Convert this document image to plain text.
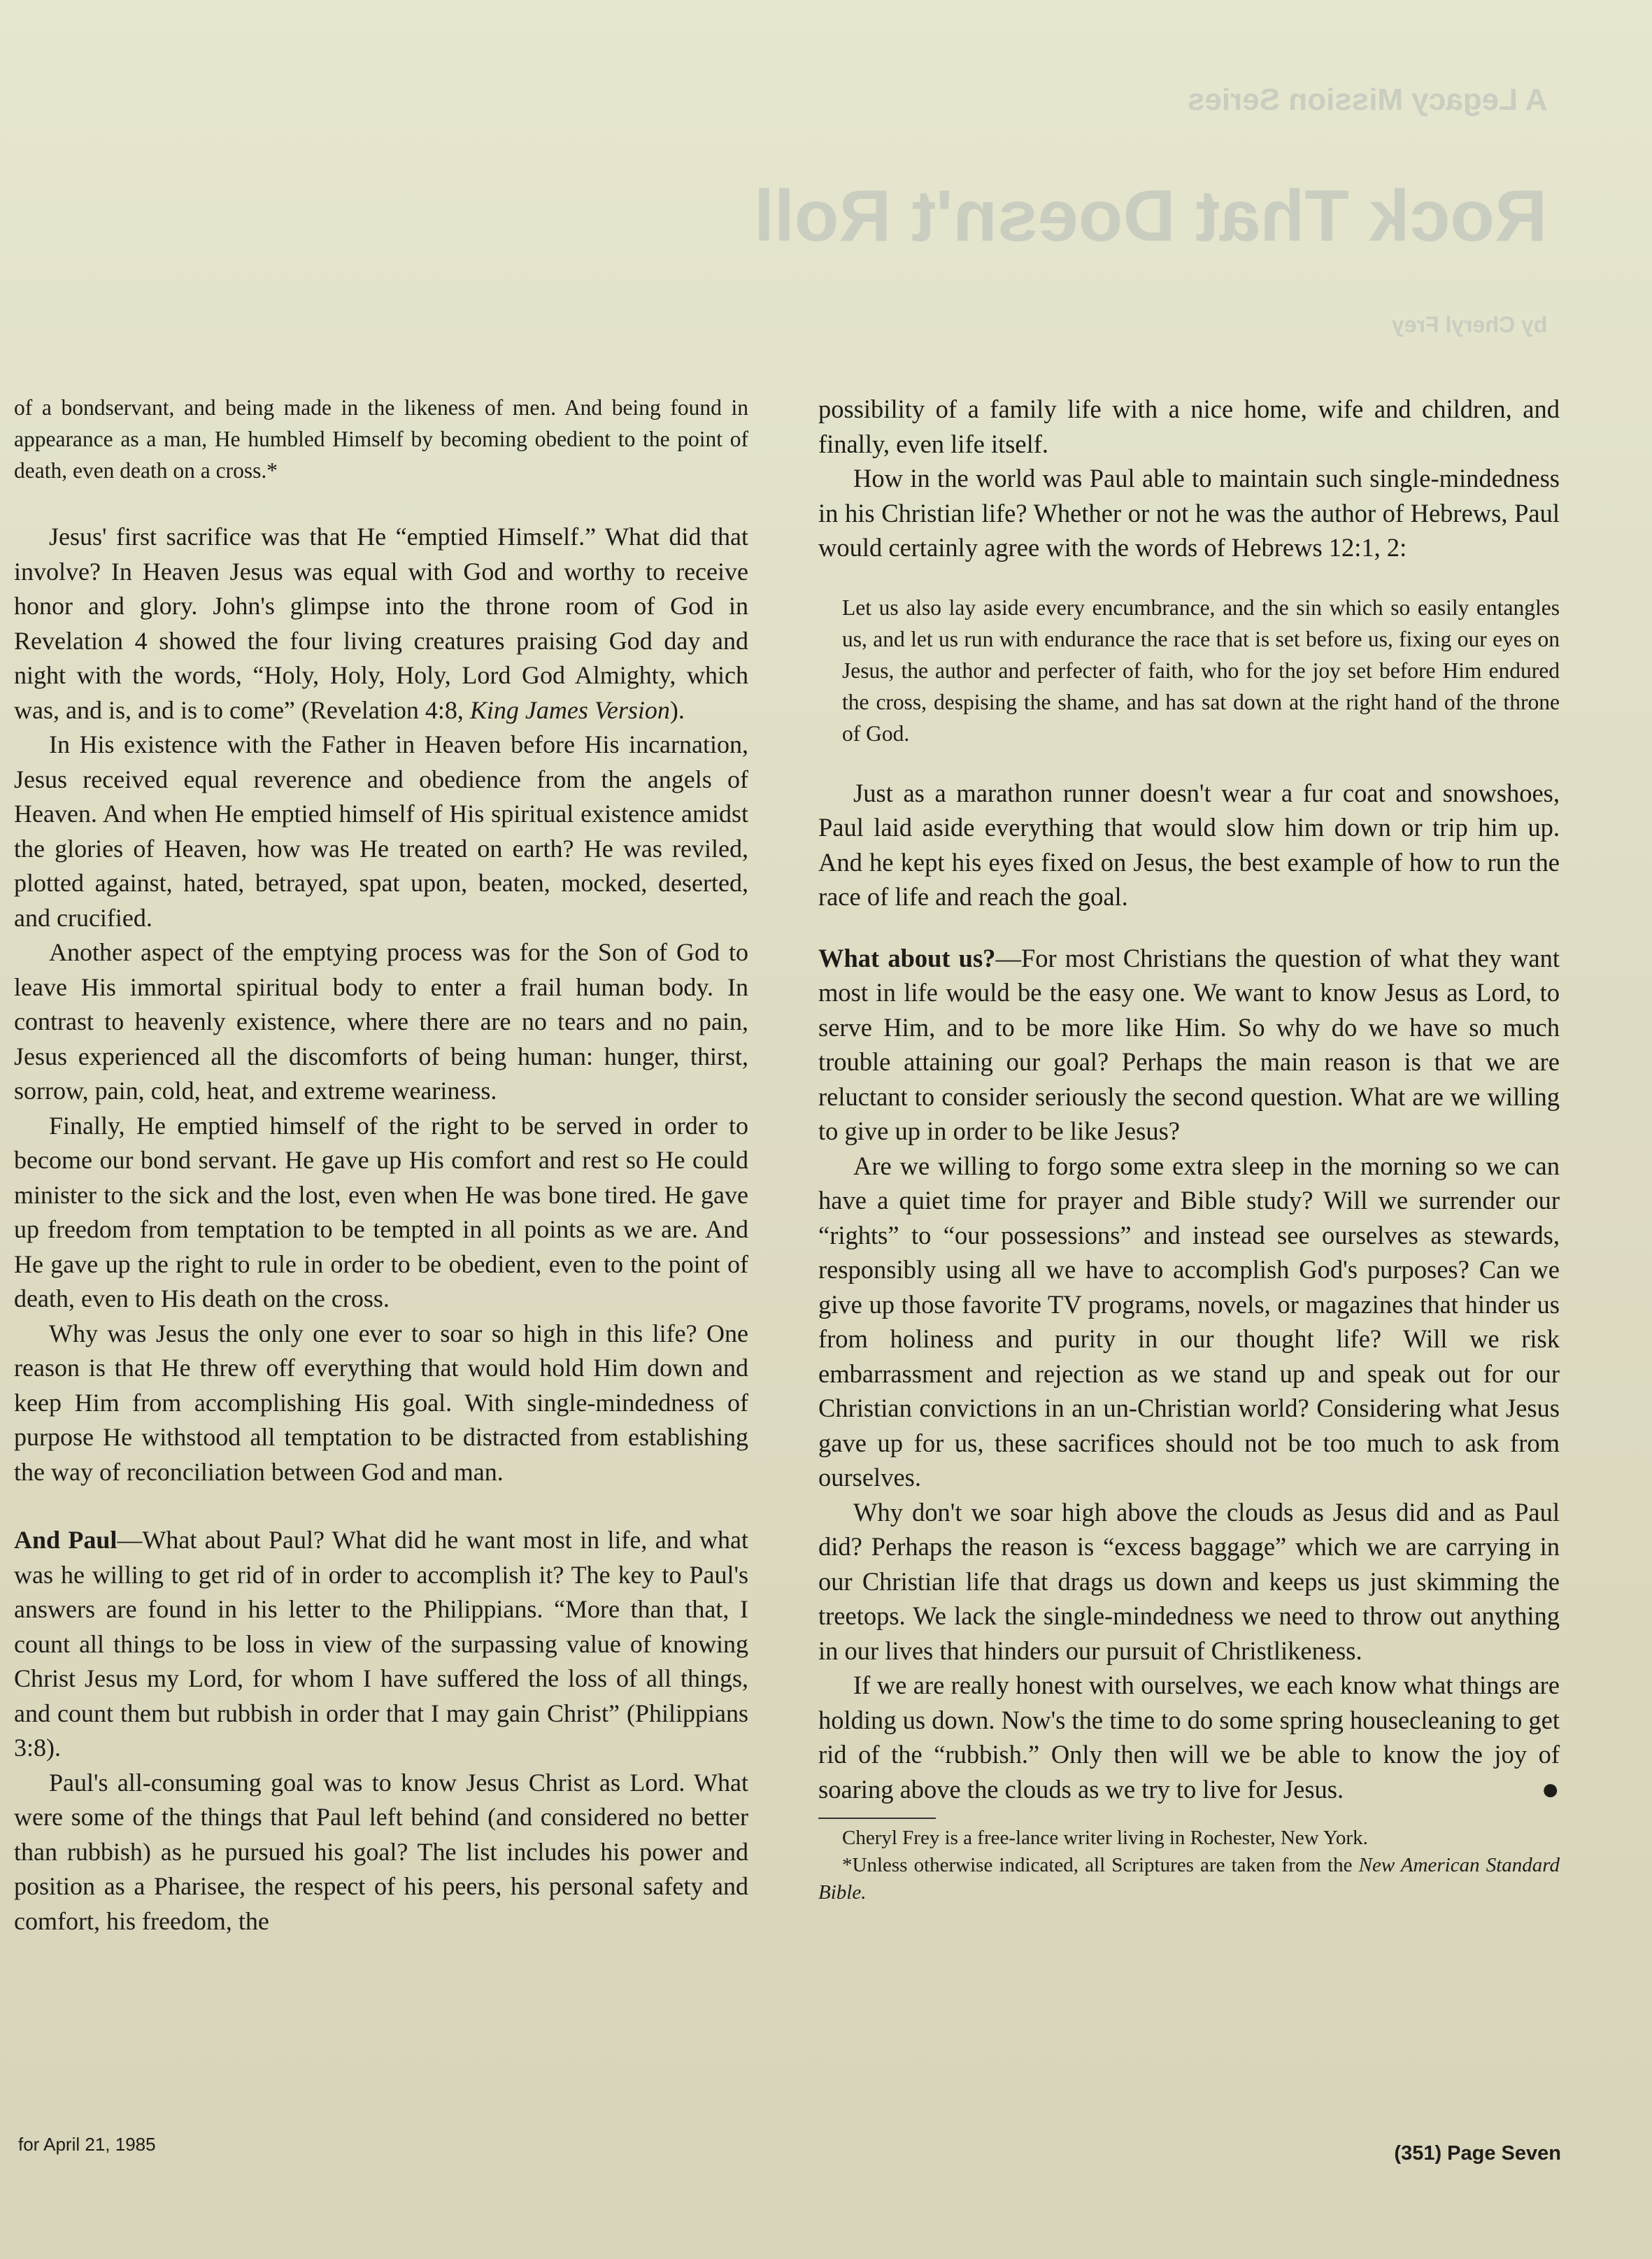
A Legacy Mission Series
Rock That Doesn't Roll
by Cheryl Frey

of a bondservant, and being made in the likeness of men. And being found in appearance as a man, He humbled Himself by becoming obedient to the point of death, even death on a cross.*

Jesus' first sacrifice was that He “emptied Himself.” What did that involve? In Heaven Jesus was equal with God and worthy to receive honor and glory. John's glimpse into the throne room of God in Revelation 4 showed the four living creatures praising God day and night with the words, “Holy, Holy, Holy, Lord God Almighty, which was, and is, and is to come” (Revelation 4:8, King James Version).

In His existence with the Father in Heaven before His incarnation, Jesus received equal reverence and obedience from the angels of Heaven. And when He emptied himself of His spiritual existence amidst the glories of Heaven, how was He treated on earth? He was reviled, plotted against, hated, betrayed, spat upon, beaten, mocked, deserted, and crucified.

Another aspect of the emptying process was for the Son of God to leave His immortal spiritual body to enter a frail human body. In contrast to heavenly existence, where there are no tears and no pain, Jesus experienced all the discomforts of being human: hunger, thirst, sorrow, pain, cold, heat, and extreme weariness.

Finally, He emptied himself of the right to be served in order to become our bond servant. He gave up His comfort and rest so He could minister to the sick and the lost, even when He was bone tired. He gave up freedom from temptation to be tempted in all points as we are. And He gave up the right to rule in order to be obedient, even to the point of death, even to His death on the cross.

Why was Jesus the only one ever to soar so high in this life? One reason is that He threw off everything that would hold Him down and keep Him from accomplishing His goal. With single-mindedness of purpose He withstood all temptation to be distracted from establishing the way of reconciliation between God and man.

And Paul—What about Paul? What did he want most in life, and what was he willing to get rid of in order to accomplish it? The key to Paul's answers are found in his letter to the Philippians. “More than that, I count all things to be loss in view of the surpassing value of knowing Christ Jesus my Lord, for whom I have suffered the loss of all things, and count them but rubbish in order that I may gain Christ” (Philippians 3:8).

Paul's all-consuming goal was to know Jesus Christ as Lord. What were some of the things that Paul left behind (and considered no better than rubbish) as he pursued his goal? The list includes his power and position as a Pharisee, the respect of his peers, his personal safety and comfort, his freedom, the

possibility of a family life with a nice home, wife and children, and finally, even life itself.

How in the world was Paul able to maintain such single-mindedness in his Christian life? Whether or not he was the author of Hebrews, Paul would certainly agree with the words of Hebrews 12:1, 2:

Let us also lay aside every encumbrance, and the sin which so easily entangles us, and let us run with endurance the race that is set before us, fixing our eyes on Jesus, the author and perfecter of faith, who for the joy set before Him endured the cross, despising the shame, and has sat down at the right hand of the throne of God.

Just as a marathon runner doesn't wear a fur coat and snowshoes, Paul laid aside everything that would slow him down or trip him up. And he kept his eyes fixed on Jesus, the best example of how to run the race of life and reach the goal.

What about us?—For most Christians the question of what they want most in life would be the easy one. We want to know Jesus as Lord, to serve Him, and to be more like Him. So why do we have so much trouble attaining our goal? Perhaps the main reason is that we are reluctant to consider seriously the second question. What are we willing to give up in order to be like Jesus?

Are we willing to forgo some extra sleep in the morning so we can have a quiet time for prayer and Bible study? Will we surrender our “rights” to “our possessions” and instead see ourselves as stewards, responsibly using all we have to accomplish God's purposes? Can we give up those favorite TV programs, novels, or magazines that hinder us from holiness and purity in our thought life? Will we risk embarrassment and rejection as we stand up and speak out for our Christian convictions in an un-Christian world? Considering what Jesus gave up for us, these sacrifices should not be too much to ask from ourselves.

Why don't we soar high above the clouds as Jesus did and as Paul did? Perhaps the reason is “excess baggage” which we are carrying in our Christian life that drags us down and keeps us just skimming the treetops. We lack the single-mindedness we need to throw out anything in our lives that hinders our pursuit of Christlikeness.

If we are really honest with ourselves, we each know what things are holding us down. Now's the time to do some spring housecleaning to get rid of the “rubbish.” Only then will we be able to know the joy of soaring above the clouds as we try to live for Jesus.	●

Cheryl Frey is a free-lance writer living in Rochester, New York.

*Unless otherwise indicated, all Scriptures are taken from the New American Standard Bible.

for April 21, 1985	(351) Page Seven
